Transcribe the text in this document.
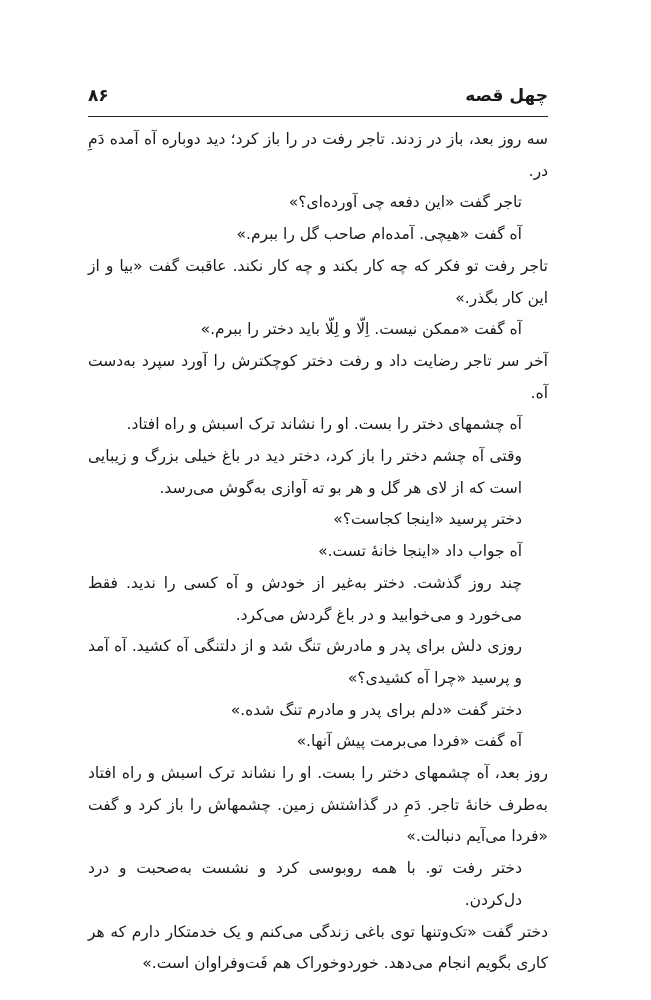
چهل قصه
۸۶

سه روز بعد، باز در زدند. تاجر رفت در را باز کرد؛ دید دوباره آه آمده دَمِ در.

تاجر گفت «این دفعه چی آورده‌ای؟»

آه گفت «هیچی. آمده‌ام صاحب گل را ببرم.»

تاجر رفت تو فکر که چه کار بکند و چه کار نکند. عاقبت گفت «بیا و از این کار بگذر.»

آه گفت «ممکن نیست. اِلّا و لِلّا باید دختر را ببرم.»

آخر سر تاجر رضایت داد و رفت دختر کوچکترش را آورد سپرد به‌دست آه.

آه چشمهای دختر را بست. او را نشاند ترک اسبش و راه افتاد.

وقتی آه چشم دختر را باز کرد، دختر دید در باغ خیلی بزرگ و زیبایی است که از لای هر گل و هر بو ته آوازی به‌گوش می‌رسد.

دختر پرسید «اینجا کجاست؟»

آه جواب داد «اینجا خانهٔ تست.»

چند روز گذشت. دختر به‌غیر از خودش و آه کسی را ندید. فقط می‌خورد و می‌خوابید و در باغ گردش می‌کرد.

روزی دلش برای پدر و مادرش تنگ شد و از دلتنگی آه کشید. آه آمد و پرسید «چرا آه کشیدی؟»

دختر گفت «دلم برای پدر و مادرم تنگ شده.»

آه گفت «فردا می‌برمت پیش آنها.»

روز بعد، آه چشمهای دختر را بست. او را نشاند ترک اسبش و راه افتاد به‌طرف خانهٔ تاجر. دَمِ در گذاشتش زمین. چشمهاش را باز کرد و گفت «فردا می‌آیم دنبالت.»

دختر رفت تو. با همه روبوسی کرد و نشست به‌صحبت و درد دل‌کردن.

دختر گفت «تک‌وتنها توی باغی زندگی می‌کنم و یک خدمتکار دارم که هر کاری بگویم انجام می‌دهد. خوردوخوراک هم فَت‌وفراوان است.»
